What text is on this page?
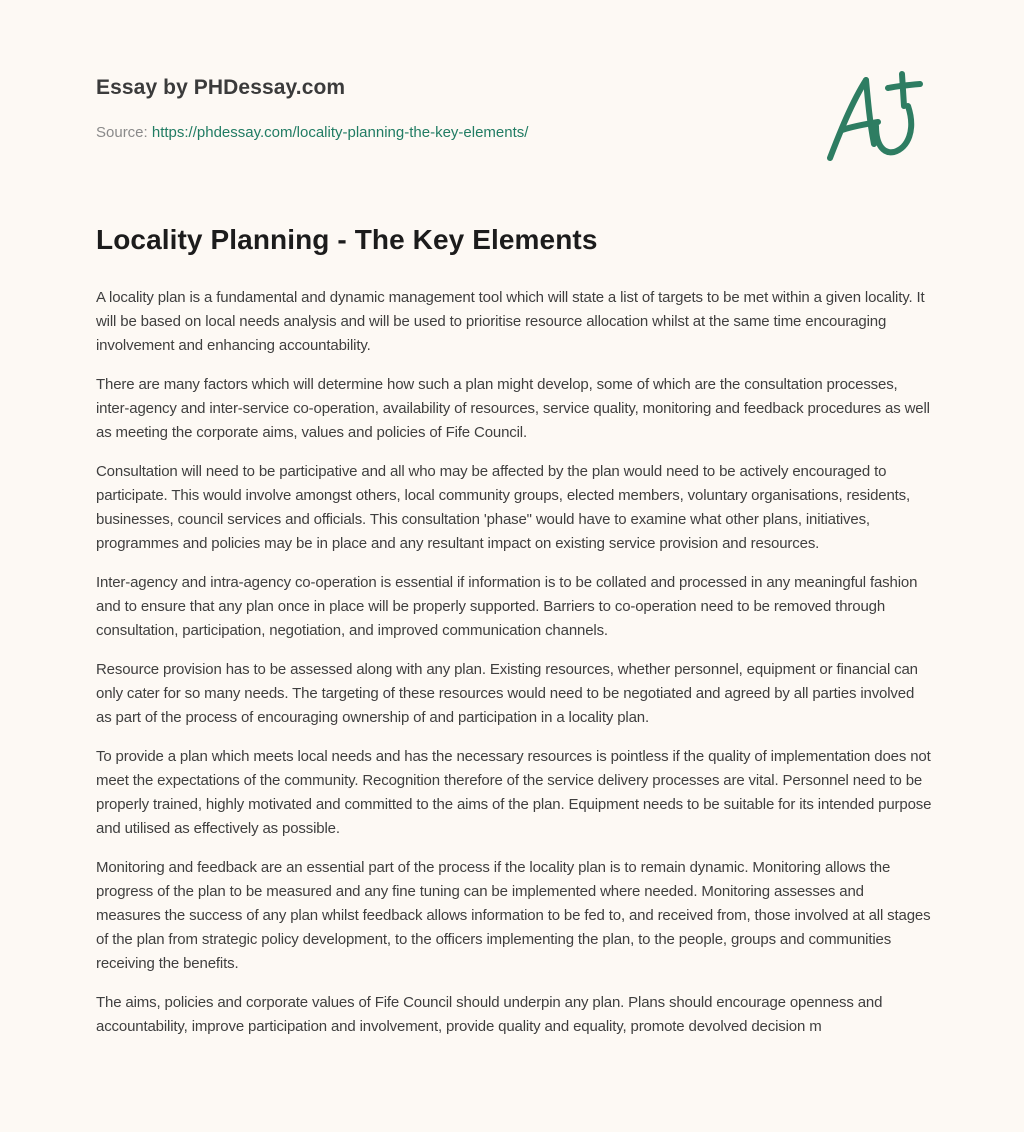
Essay by PHDessay.com
Source: https://phdessay.com/locality-planning-the-key-elements/
Locality Planning - The Key Elements

A locality plan is a fundamental and dynamic management tool which will state a list of targets to be met within a given locality. It will be based on local needs analysis and will be used to prioritise resource allocation whilst at the same time encouraging involvement and enhancing accountability.

There are many factors which will determine how such a plan might develop, some of which are the consultation processes, inter-agency and inter-service co-operation, availability of resources, service quality, monitoring and feedback procedures as well as meeting the corporate aims, values and policies of Fife Council.

Consultation will need to be participative and all who may be affected by the plan would need to be actively encouraged to participate. This would involve amongst others, local community groups, elected members, voluntary organisations, residents, businesses, council services and officials. This consultation 'phase" would have to examine what other plans, initiatives, programmes and policies may be in place and any resultant impact on existing service provision and resources.

Inter-agency and intra-agency co-operation is essential if information is to be collated and processed in any meaningful fashion and to ensure that any plan once in place will be properly supported. Barriers to co-operation need to be removed through consultation, participation, negotiation, and improved communication channels.

Resource provision has to be assessed along with any plan. Existing resources, whether personnel, equipment or financial can only cater for so many needs. The targeting of these resources would need to be negotiated and agreed by all parties involved as part of the process of encouraging ownership of and participation in a locality plan.

To provide a plan which meets local needs and has the necessary resources is pointless if the quality of implementation does not meet the expectations of the community. Recognition therefore of the service delivery processes are vital. Personnel need to be properly trained, highly motivated and committed to the aims of the plan. Equipment needs to be suitable for its intended purpose and utilised as effectively as possible.

Monitoring and feedback are an essential part of the process if the locality plan is to remain dynamic. Monitoring allows the progress of the plan to be measured and any fine tuning can be implemented where needed. Monitoring assesses and measures the success of any plan whilst feedback allows information to be fed to, and received from, those involved at all stages of the plan from strategic policy development, to the officers implementing the plan, to the people, groups and communities receiving the benefits.

The aims, policies and corporate values of Fife Council should underpin any plan. Plans should encourage openness and accountability, improve participation and involvement, provide quality and equality, promote devolved decision m
